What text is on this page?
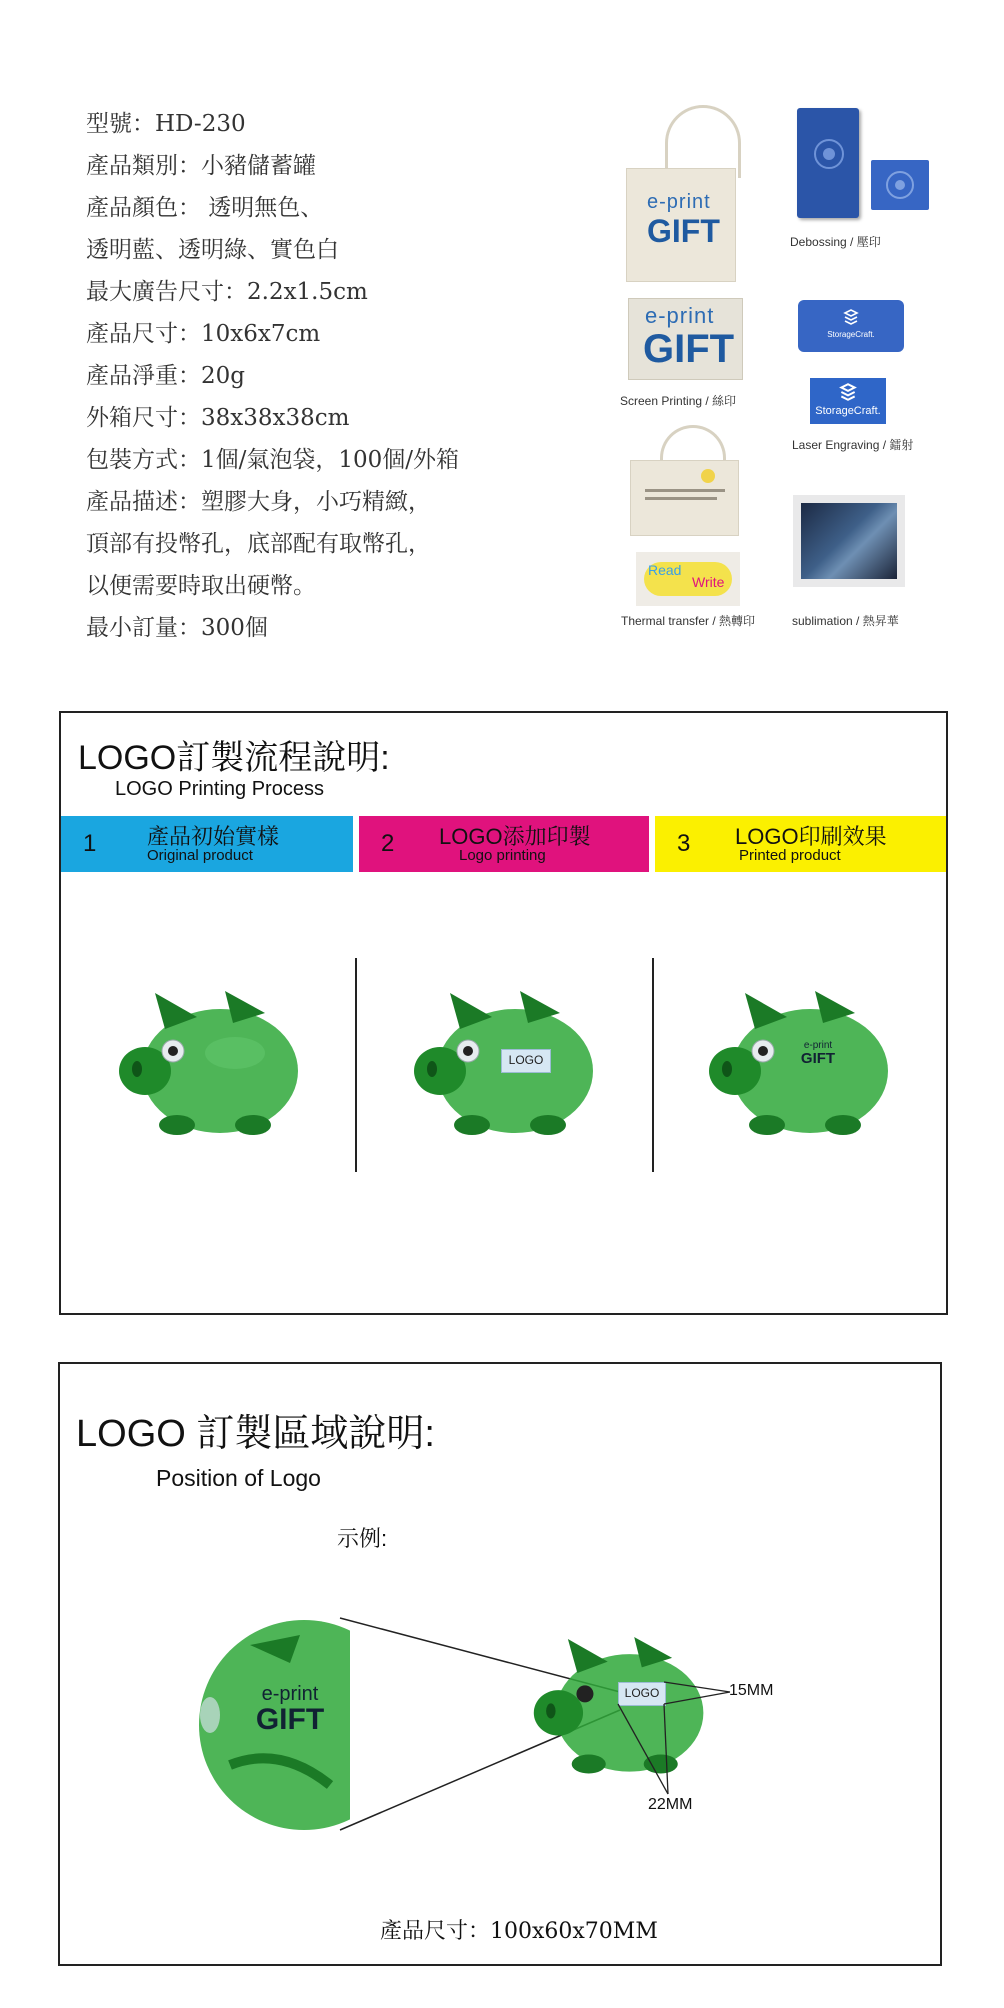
型號：HD-230
產品類別：小豬儲蓄罐
產品顏色： 透明無色、
透明藍、透明綠、實色白
最大廣告尺寸：2.2x1.5cm
產品尺寸：10x6x7cm
產品淨重：20g
外箱尺寸：38x38x38cm
包裝方式：1個/氣泡袋，100個/外箱
產品描述：塑膠大身，小巧精緻，
頂部有投幣孔，底部配有取幣孔，
以便需要時取出硬幣。
最小訂量：300個
e-print
GIFT
e-print
GIFT
Screen Printing / 絲印
Debossing / 壓印
StorageCraft.
StorageCraft.
Laser Engraving / 鐳射
Read
Write
Thermal transfer / 熱轉印	sublimation / 熱昇華
LOGO訂製流程說明:
LOGO Printing Process
1 產品初始實樣
Original product	2 LOGO添加印製
Logo printing	3 LOGO印刷效果
Printed product
LOGO
e-print
GIFT
LOGO 訂製區域說明:
Position of Logo
示例:
e-print
GIFT
LOGO	15MM
22MM
產品尺寸：100x60x70MM
